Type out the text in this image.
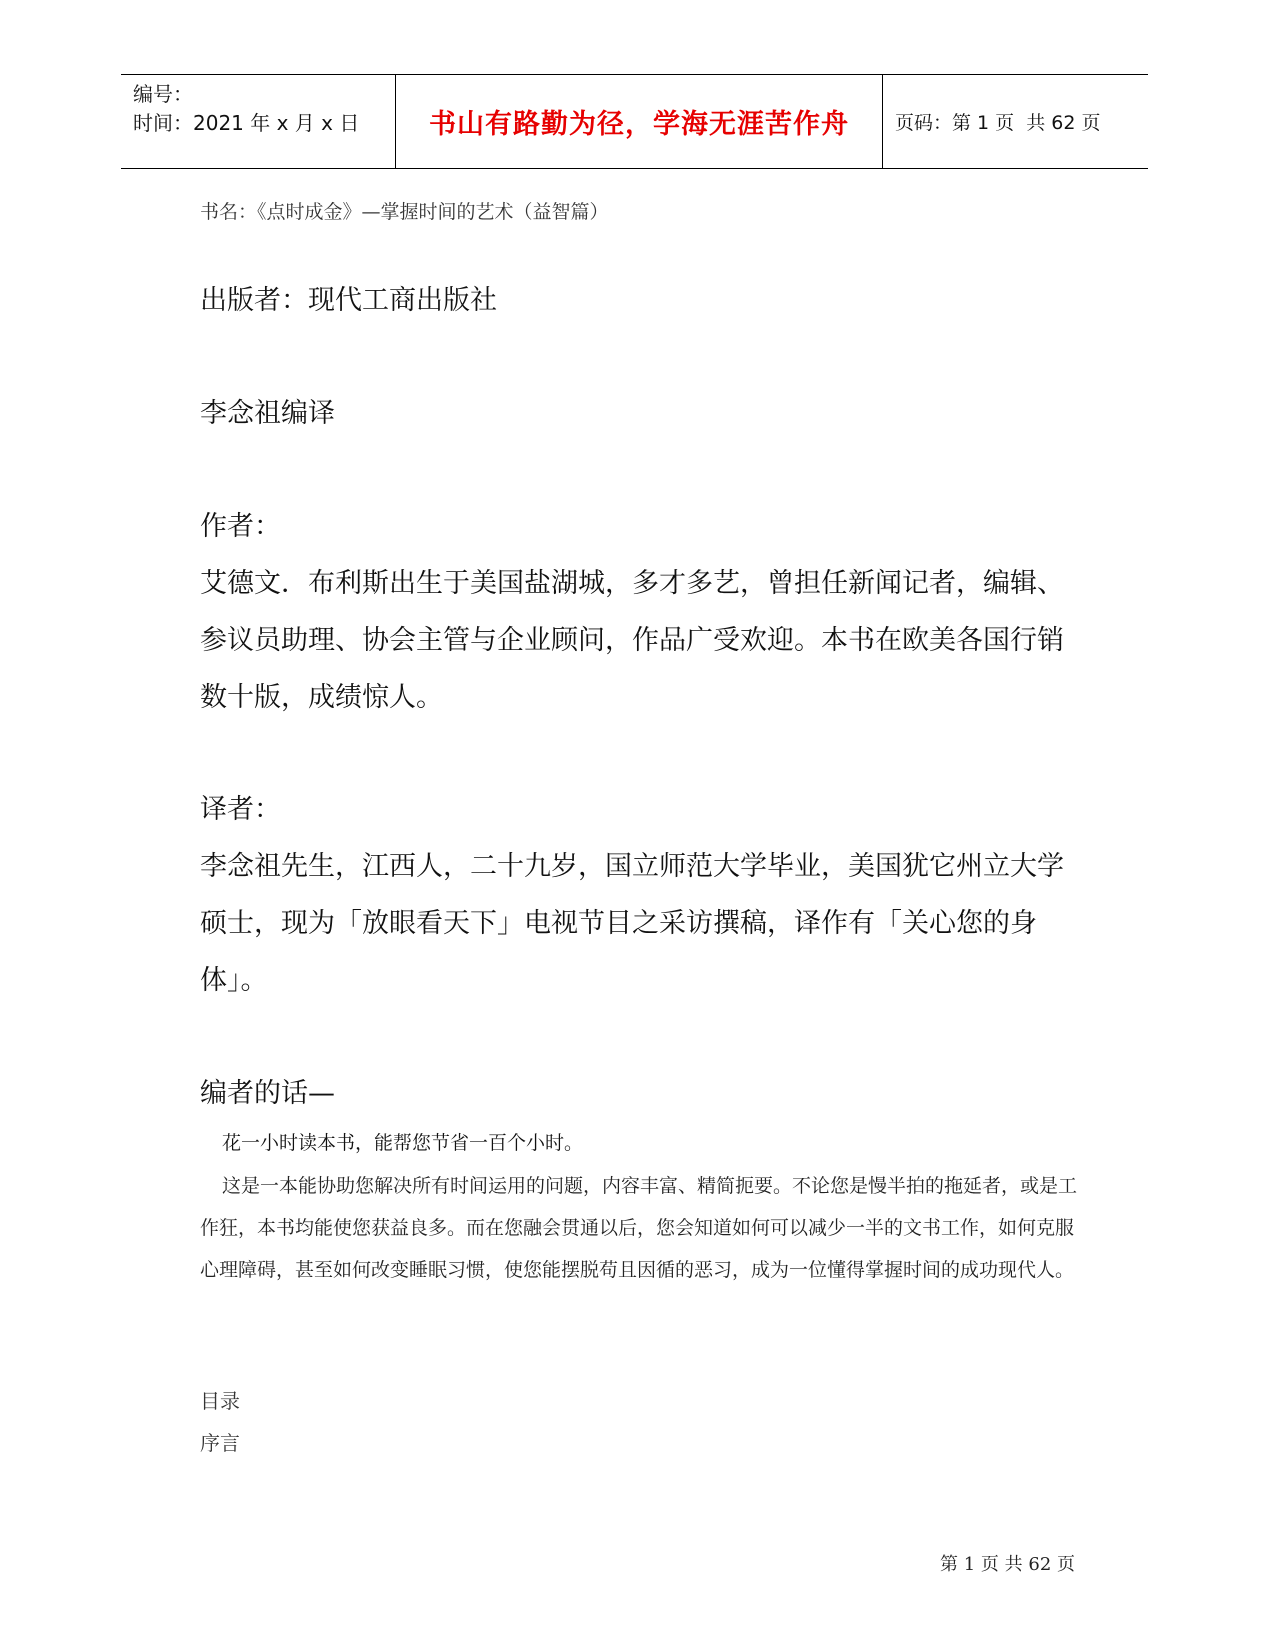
编号：
时间：2021 年 x 月 x 日	书山有路勤为径，学海无涯苦作舟	页码：第 1 页  共 62 页
书名：《点时成金》—掌握时间的艺术（益智篇）
出版者：现代工商出版社
李念祖编译
作者：
艾德文．布利斯出生于美国盐湖城，多才多艺，曾担任新闻记者，编辑、参议员助理、协会主管与企业顾问，作品广受欢迎。本书在欧美各国行销数十版，成绩惊人。
译者：
李念祖先生，江西人，二十九岁，国立师范大学毕业，美国犹它州立大学硕士，现为「放眼看天下」电视节目之采访撰稿，译作有「关心您的身体」。
编者的话—
花一小时读本书，能帮您节省一百个小时。
这是一本能协助您解决所有时间运用的问题，内容丰富、精简扼要。不论您是慢半拍的拖延者，或是工作狂，本书均能使您获益良多。而在您融会贯通以后，您会知道如何可以减少一半的文书工作，如何克服心理障碍，甚至如何改变睡眠习惯，使您能摆脱苟且因循的恶习，成为一位懂得掌握时间的成功现代人。
目录
序言
第 1 页 共 62 页
